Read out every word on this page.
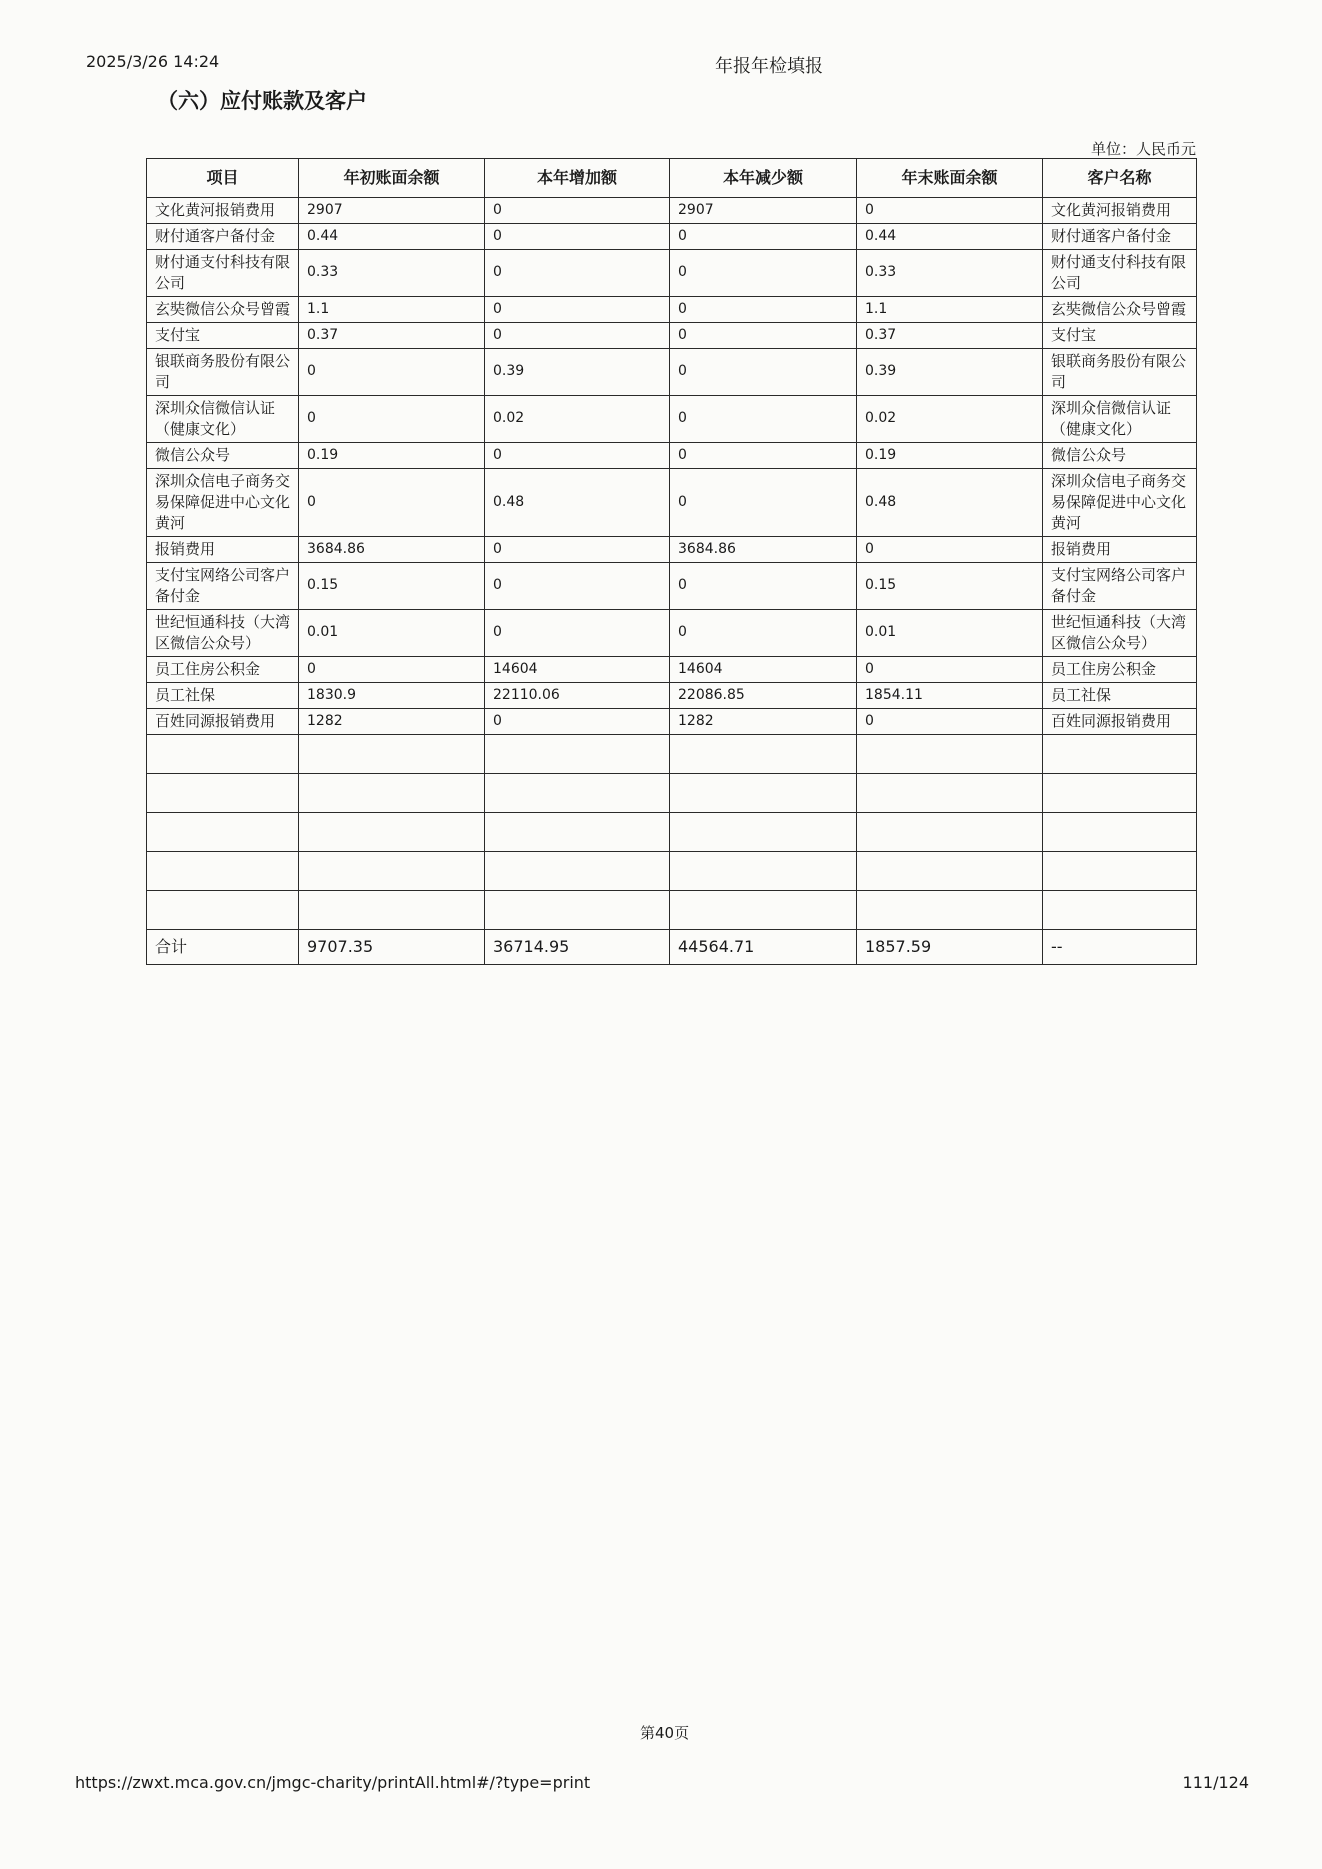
2025/3/26 14:24	年报年检填报
（六）应付账款及客户
单位：人民币元
项目	年初账面余额	本年增加额	本年减少额	年末账面余额	客户名称
文化黄河报销费用	2907	0	2907	0	文化黄河报销费用
财付通客户备付金	0.44	0	0	0.44	财付通客户备付金
财付通支付科技有限公司	0.33	0	0	0.33	财付通支付科技有限公司
玄奘微信公众号曾霞	1.1	0	0	1.1	玄奘微信公众号曾霞
支付宝	0.37	0	0	0.37	支付宝
银联商务股份有限公司	0	0.39	0	0.39	银联商务股份有限公司
深圳众信微信认证（健康文化）	0	0.02	0	0.02	深圳众信微信认证（健康文化）
微信公众号	0.19	0	0	0.19	微信公众号
深圳众信电子商务交易保障促进中心文化黄河	0	0.48	0	0.48	深圳众信电子商务交易保障促进中心文化黄河
报销费用	3684.86	0	3684.86	0	报销费用
支付宝网络公司客户备付金	0.15	0	0	0.15	支付宝网络公司客户备付金
世纪恒通科技（大湾区微信公众号）	0.01	0	0	0.01	世纪恒通科技（大湾区微信公众号）
员工住房公积金	0	14604	14604	0	员工住房公积金
员工社保	1830.9	22110.06	22086.85	1854.11	员工社保
百姓同源报销费用	1282	0	1282	0	百姓同源报销费用

合计	9707.35	36714.95	44564.71	1857.59	--
第40页
https://zwxt.mca.gov.cn/jmgc-charity/printAll.html#/?type=print	111/124
